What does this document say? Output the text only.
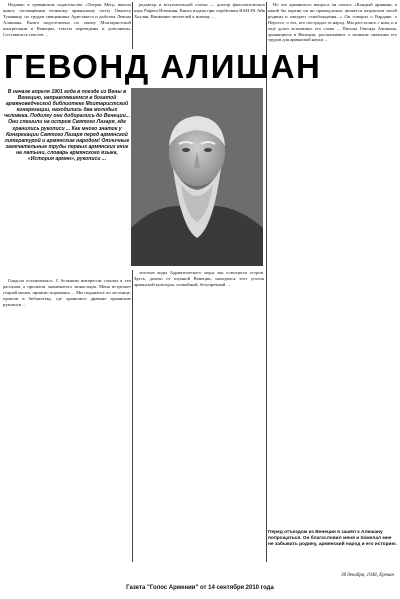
Недавно в ереванском издательстве «Тигран Мец» вышла книга, посвящённая великому армянскому поэту Ованесу Туманяну, по трудам священника Аристакеса и работам Левона Алишана. Книга подготовлена по заказу Мхитаристской конгрегации в Венеции, тексты переведены и дополнены. Составитель текстов ...

редактор и вступительной статьи — доктор филологических наук Рафаэл Ишханян. Книга издана при содействии НАН РА Айк Хохлян. Внимание читателей к новому ...

Но что армянского вопроса он сказал: «Каждый армянин, к какой бы партии он ни принадлежал, является патриотом своей родины и ожидает освобождения...» Он говорил о Вардане, о Нерсесе, о тех, кто пострадал за народ. Мы расстались с ним, и я ещё долго вспоминал его слова ... Письма Гевонда Алишана, хранящиеся в Венеции, рассказывают о великом значении его трудов для армянской науки ...

ГЕВОНД АЛИШАН
В начале апреля 1901 года в поезде из Вены в Венецию, направлявшемся в богатой армяноведческой библиотеке Мхитаристской конгрегации, находились два молодых человека. Подолгу они добирались до Венеции... Они спешили на остров Святого Лазаря, где хранились рукописи ... Как много знаток у Конгрегации Святого Лазаря перед армянской литературой и армянским народом! Отличные замечательные труды первых армянских книг на латыни, словарь армянского языка, «История армян», рукописи ...

Гондола остановилась. С большим интересом слушал я эти рассказы о прошлом знаменитого монастыря. Меня встречает старый монах, приятно поражаясь ... Мы поднялись по лестнице, прошли в библиотеку, где хранились древние армянские рукописи ...

золотые воды Адриатического моря, мы осмотрели остров. Здесь, далеко от шумной Венеции, находился этот уголок армянской культуры, спокойный, безупречный ...

Перед отъездом из Венеции я зашёл к Алишану попрощаться. Он благословил меня и пожелал мне не забывать родину, армянский народ и его историю.
30 декабря, 1948, Ереван
Газета "Голос Армении" от 14 сентября 2010 года
